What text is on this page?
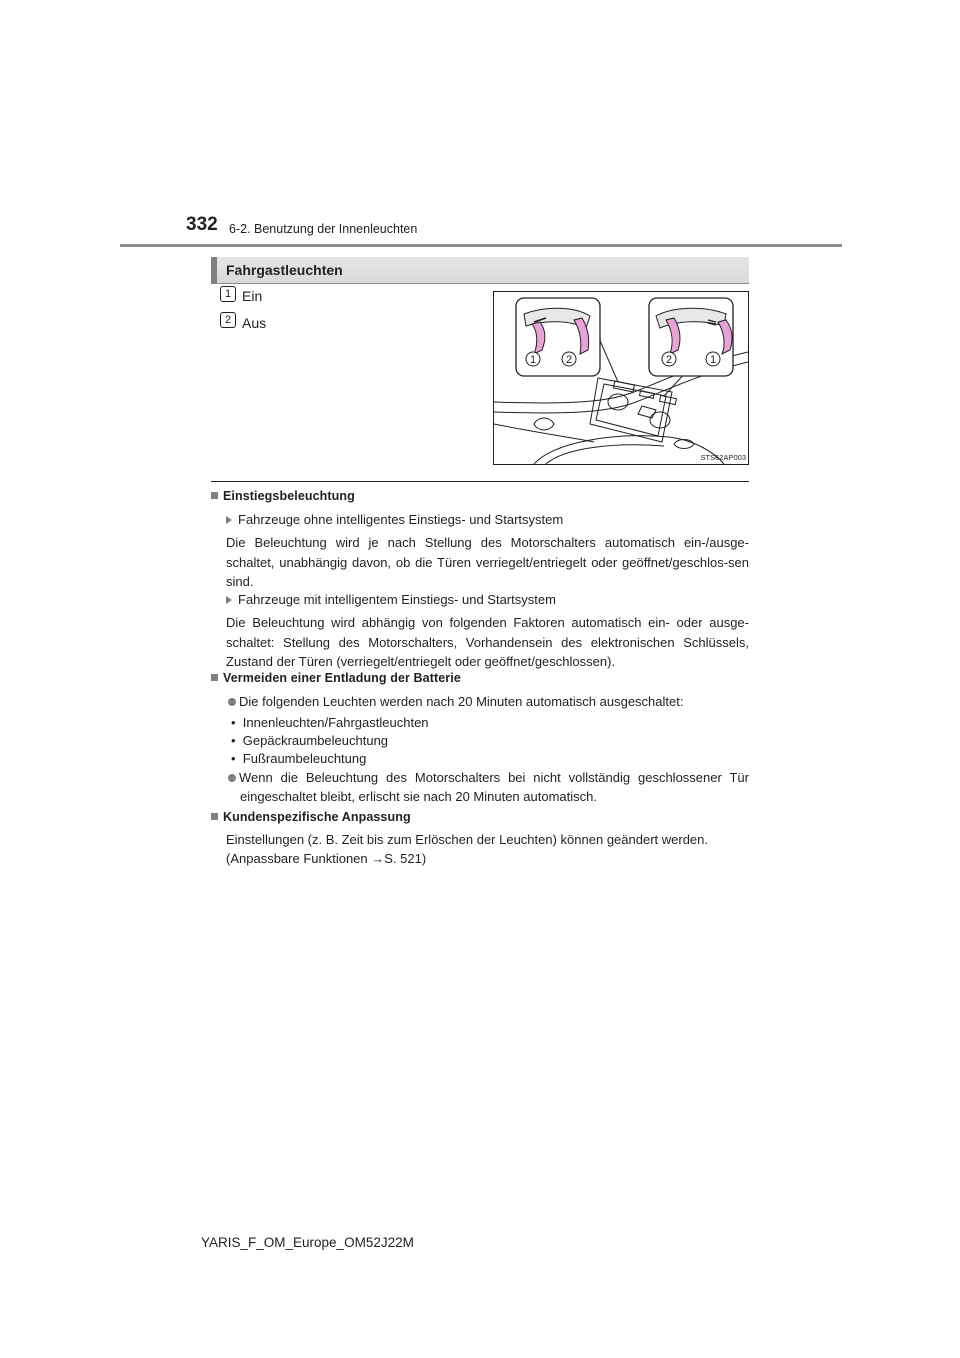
332 6-2. Benutzung der Innenleuchten
Fahrgastleuchten
1 Ein
2 Aus
1	2	2	1
STS62AP003
Einstiegsbeleuchtung
Fahrzeuge ohne intelligentes Einstiegs- und Startsystem
Die Beleuchtung wird je nach Stellung des Motorschalters automatisch ein-/ausge-schaltet, unabhängig davon, ob die Türen verriegelt/entriegelt oder geöffnet/geschlos-sen sind.
Fahrzeuge mit intelligentem Einstiegs- und Startsystem
Die Beleuchtung wird abhängig von folgenden Faktoren automatisch ein- oder ausge-schaltet: Stellung des Motorschalters, Vorhandensein des elektronischen Schlüssels, Zustand der Türen (verriegelt/entriegelt oder geöffnet/geschlossen).
Vermeiden einer Entladung der Batterie
Die folgenden Leuchten werden nach 20 Minuten automatisch ausgeschaltet:
•  Innenleuchten/Fahrgastleuchten
•  Gepäckraumbeleuchtung
•  Fußraumbeleuchtung
Wenn die Beleuchtung des Motorschalters bei nicht vollständig geschlossener Tür
eingeschaltet bleibt, erlischt sie nach 20 Minuten automatisch.
Kundenspezifische Anpassung
Einstellungen (z. B. Zeit bis zum Erlöschen der Leuchten) können geändert werden.
(Anpassbare Funktionen →S. 521)
YARIS_F_OM_Europe_OM52J22M
